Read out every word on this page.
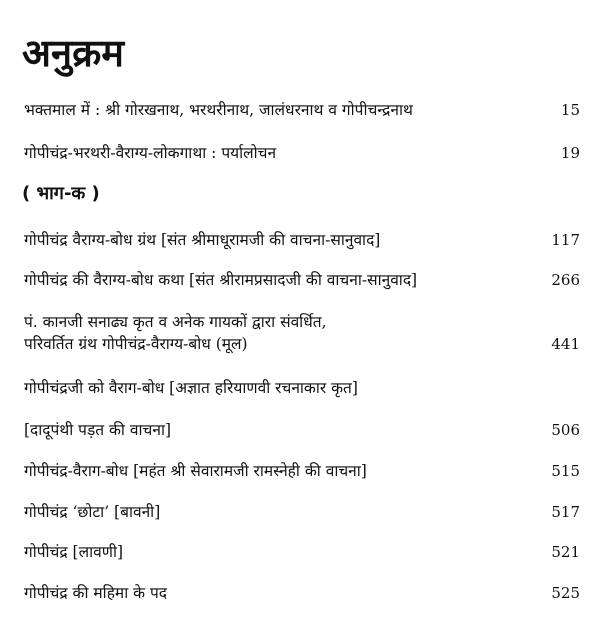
अनुक्रम
भक्तमाल में : श्री गोरखनाथ, भरथरीनाथ, जालंधरनाथ व गोपीचन्द्रनाथ	15
गोपीचंद्र-भरथरी-वैराग्य-लोकगाथा : पर्यालोचन	19
( भाग-क )
गोपीचंद्र वैराग्य-बोध ग्रंथ [संत श्रीमाधूरामजी की वाचना-सानुवाद]	117
गोपीचंद्र की वैराग्य-बोध कथा [संत श्रीरामप्रसादजी की वाचना-सानुवाद]	266
पं. कानजी सनाढ्य कृत व अनेक गायकों द्वारा संवर्धित,
परिवर्तित ग्रंथ गोपीचंद्र-वैराग्य-बोध (मूल)	441
गोपीचंद्रजी को वैराग-बोध [अज्ञात हरियाणवी रचनाकार कृत]
[दादूपंथी पड़त की वाचना]	506
गोपीचंद्र-वैराग-बोध [महंत श्री सेवारामजी रामस्नेही की वाचना]	515
गोपीचंद्र ‘छोटा’ [बावनी]	517
गोपीचंद्र [लावणी]	521
गोपीचंद्र की महिमा के पद	525
